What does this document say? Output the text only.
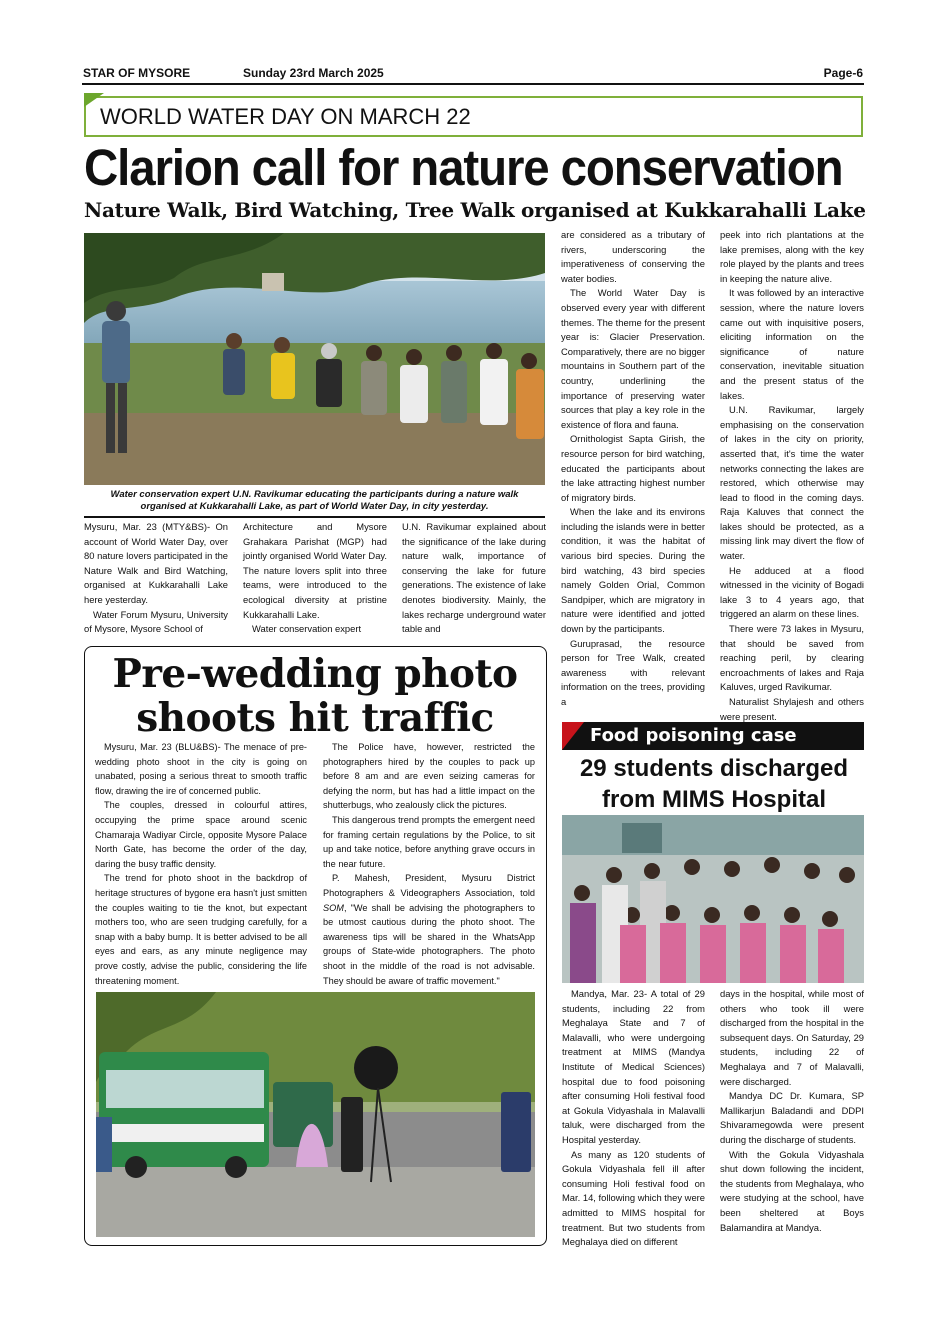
STAR OF MYSORE	Sunday 23rd March 2025	Page-6
WORLD WATER DAY ON MARCH 22
Clarion call for nature conservation
Nature Walk, Bird Watching, Tree Walk organised at Kukkarahalli Lake
Water conservation expert U.N. Ravikumar educating the participants during a nature walk
organised at Kukkarahalli Lake, as part of World Water Day, in city yesterday.

Mysuru, Mar. 23 (MTY&BS)- On account of World Water Day, over 80 nature lovers participated in the Nature Walk and Bird Watching, organised at Kukkarahalli Lake here yesterday.

Water Forum Mysuru, University of Mysore, Mysore School of

Architecture and Mysore Grahakara Parishat (MGP) had jointly organised World Water Day. The nature lovers split into three teams, were introduced to the ecological diversity at pristine Kukkarahalli Lake.

Water conservation expert

U.N. Ravikumar explained about the significance of the lake during nature walk, importance of conserving the lake for future generations. The existence of lake denotes biodiversity. Mainly, the lakes recharge underground water table and

are considered as a tributary of rivers, underscoring the imperativeness of conserving the water bodies.

The World Water Day is observed every year with different themes. The theme for the present year is: Glacier Preservation. Comparatively, there are no bigger mountains in Southern part of the country, underlining the importance of preserving water sources that play a key role in the existence of flora and fauna.

Ornithologist Sapta Girish, the resource person for bird watching, educated the participants about the lake attracting highest number of migratory birds.

When the lake and its environs including the islands were in better condition, it was the habitat of various bird species. During the bird watching, 43 bird species namely Golden Orial, Common Sandpiper, which are migratory in nature were identified and jotted down by the participants.

Guruprasad, the resource person for Tree Walk, created awareness with relevant information on the trees, providing a

peek into rich plantations at the lake premises, along with the key role played by the plants and trees in keeping the nature alive.

It was followed by an interactive session, where the nature lovers came out with inquisitive posers, eliciting information on the significance of nature conservation, inevitable situation and the present status of the lakes.

U.N. Ravikumar, largely emphasising on the conservation of lakes in the city on priority, asserted that, it's time the water networks connecting the lakes are restored, which otherwise may lead to flood in the coming days. Raja Kaluves that connect the lakes should be protected, as a missing link may divert the flow of water.

He adduced at a flood witnessed in the vicinity of Bogadi lake 3 to 4 years ago, that triggered an alarm on these lines.

There were 73 lakes in Mysuru, that should be saved from reaching peril, by clearing encroachments of lakes and Raja Kaluves, urged Ravikumar.

Naturalist Shylajesh and others were present.

Pre-wedding photo
shoots hit traffic

Mysuru, Mar. 23 (BLU&BS)- The menace of pre-wedding photo shoot in the city is going on unabated, posing a serious threat to smooth traffic flow, drawing the ire of concerned public.

The couples, dressed in colourful attires, occupying the prime space around scenic Chamaraja Wadiyar Circle, opposite Mysore Palace North Gate, has become the order of the day, daring the busy traffic density.

The trend for photo shoot in the backdrop of heritage structures of bygone era hasn't just smitten the couples waiting to tie the knot, but expectant mothers too, who are seen trudging carefully, for a snap with a baby bump. It is better advised to be all eyes and ears, as any minute negligence may prove costly, advise the public, considering the life threatening moment.

The Police have, however, restricted the photographers hired by the couples to pack up before 8 am and are even seizing cameras for defying the norm, but has had a little impact on the shutterbugs, who zealously click the pictures.

This dangerous trend prompts the emergent need for framing certain regulations by the Police, to sit up and take notice, before anything grave occurs in the near future.

P. Mahesh, President, Mysuru District Photographers & Videographers Association, told SOM, "We shall be advising the photographers to be utmost cautious during the photo shoot. The awareness tips will be shared in the WhatsApp groups of State-wide photographers. The photo shoot in the middle of the road is not advisable. They should be aware of traffic movement."

Food poisoning case
29 students discharged
from MIMS Hospital

Mandya, Mar. 23- A total of 29 students, including 22 from Meghalaya State and 7 of Malavalli, who were undergoing treatment at MIMS (Mandya Institute of Medical Sciences) hospital due to food poisoning after consuming Holi festival food at Gokula Vidyashala in Malavalli taluk, were discharged from the Hospital yesterday.

As many as 120 students of Gokula Vidyashala fell ill after consuming Holi festival food on Mar. 14, following which they were admitted to MIMS hospital for treatment. But two students from Meghalaya died on different

days in the hospital, while most of others who took ill were discharged from the hospital in the subsequent days. On Saturday, 29 students, including 22 of Meghalaya and 7 of Malavalli, were discharged.

Mandya DC Dr. Kumara, SP Mallikarjun Baladandi and DDPI Shivaramegowda were present during the discharge of students.

With the Gokula Vidyashala shut down following the incident, the students from Meghalaya, who were studying at the school, have been sheltered at Boys Balamandira at Mandya.
